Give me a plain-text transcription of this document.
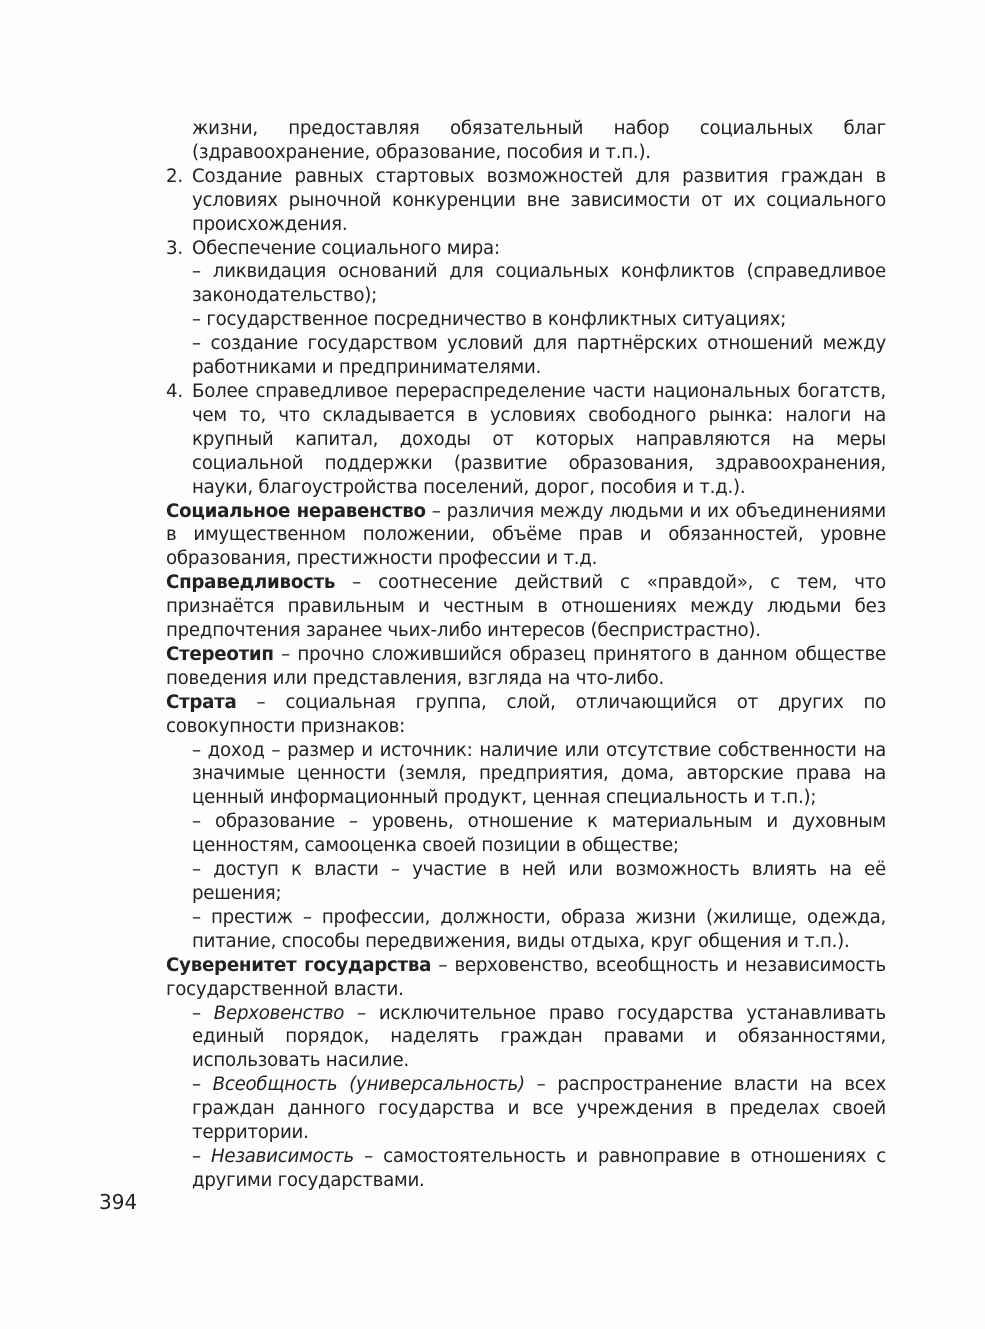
394

жизни, предоставляя обязательный набор социальных благ (здравоохранение, образование, пособия и т.п.).

2. Создание равных стартовых возможностей для развития граждан в условиях рыночной конкуренции вне зависимости от их социального происхождения.

3. Обеспечение социального мира:

– ликвидация оснований для социальных конфликтов (справедливое законодательство);

– государственное посредничество в конфликтных ситуациях;

– создание государством условий для партнёрских отношений между работниками и предпринимателями.

4. Более справедливое перераспределение части национальных богатств, чем то, что складывается в условиях свободного рынка: налоги на крупный капитал, доходы от которых направляются на меры социальной поддержки (развитие образования, здравоохранения, науки, благоустройства поселений, дорог, пособия и т.д.).

Социальное неравенство – различия между людьми и их объединениями в имущественном положении, объёме прав и обязанностей, уровне образования, престижности профессии и т.д.

Справедливость – соотнесение действий с «правдой», с тем, что признаётся правильным и честным в отношениях между людьми без предпочтения заранее чьих-либо интересов (беспристрастно).

Стереотип – прочно сложившийся образец принятого в данном обществе поведения или представления, взгляда на что-либо.

Страта – социальная группа, слой, отличающийся от других по совокупности признаков:

– доход – размер и источник: наличие или отсутствие собственности на значимые ценности (земля, предприятия, дома, авторские права на ценный информационный продукт, ценная специальность и т.п.);

– образование – уровень, отношение к материальным и духовным ценностям, самооценка своей позиции в обществе;

– доступ к власти – участие в ней или возможность влиять на её решения;

– престиж – профессии, должности, образа жизни (жилище, одежда, питание, способы передвижения, виды отдыха, круг общения и т.п.).

Суверенитет государства – верховенство, всеобщность и независимость государственной власти.

– Верховенство – исключительное право государства устанавливать единый порядок, наделять граждан правами и обязанностями, использовать насилие.

– Всеобщность (универсальность) – распространение власти на всех граждан данного государства и все учреждения в пределах своей территории.

– Независимость – самостоятельность и равноправие в отношениях с другими государствами.
